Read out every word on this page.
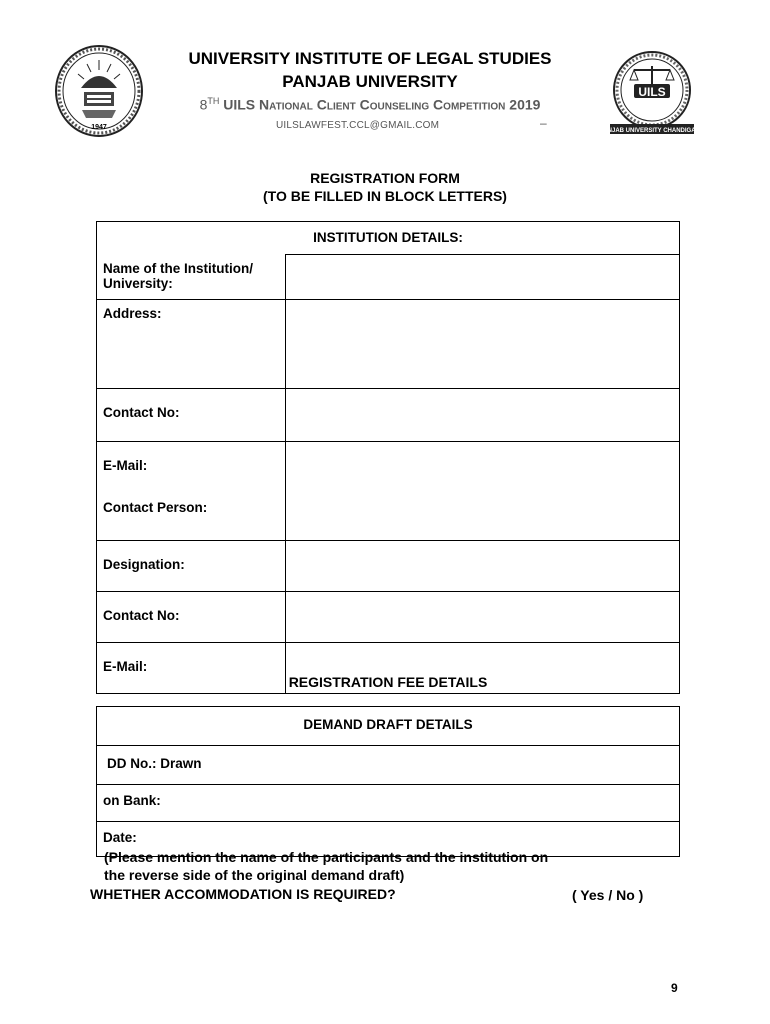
1947
UILS
PANJAB UNIVERSITY CHANDIGARH
UNIVERSITY INSTITUTE OF LEGAL STUDIES
PANJAB UNIVERSITY
8TH UILS National Client Counseling Competition 2019
UILSLAWFEST.CCL@GMAIL.COM	–
REGISTRATION FORM
(TO BE FILLED IN BLOCK LETTERS)
INSTITUTION DETAILS:	

Name of the Institution/
University:	

Address:	
Contact No:	

E-Mail:
Contact Person:	

Designation:	
Contact No:	
E-Mail:	
REGISTRATION FEE DETAILS
DEMAND DRAFT DETAILS
DD No.: Drawn
on Bank:
Date:
(Please mention the name of the participants and the institution on
the reverse side of the original demand draft)
WHETHER ACCOMMODATION IS REQUIRED?	( Yes / No )
9
